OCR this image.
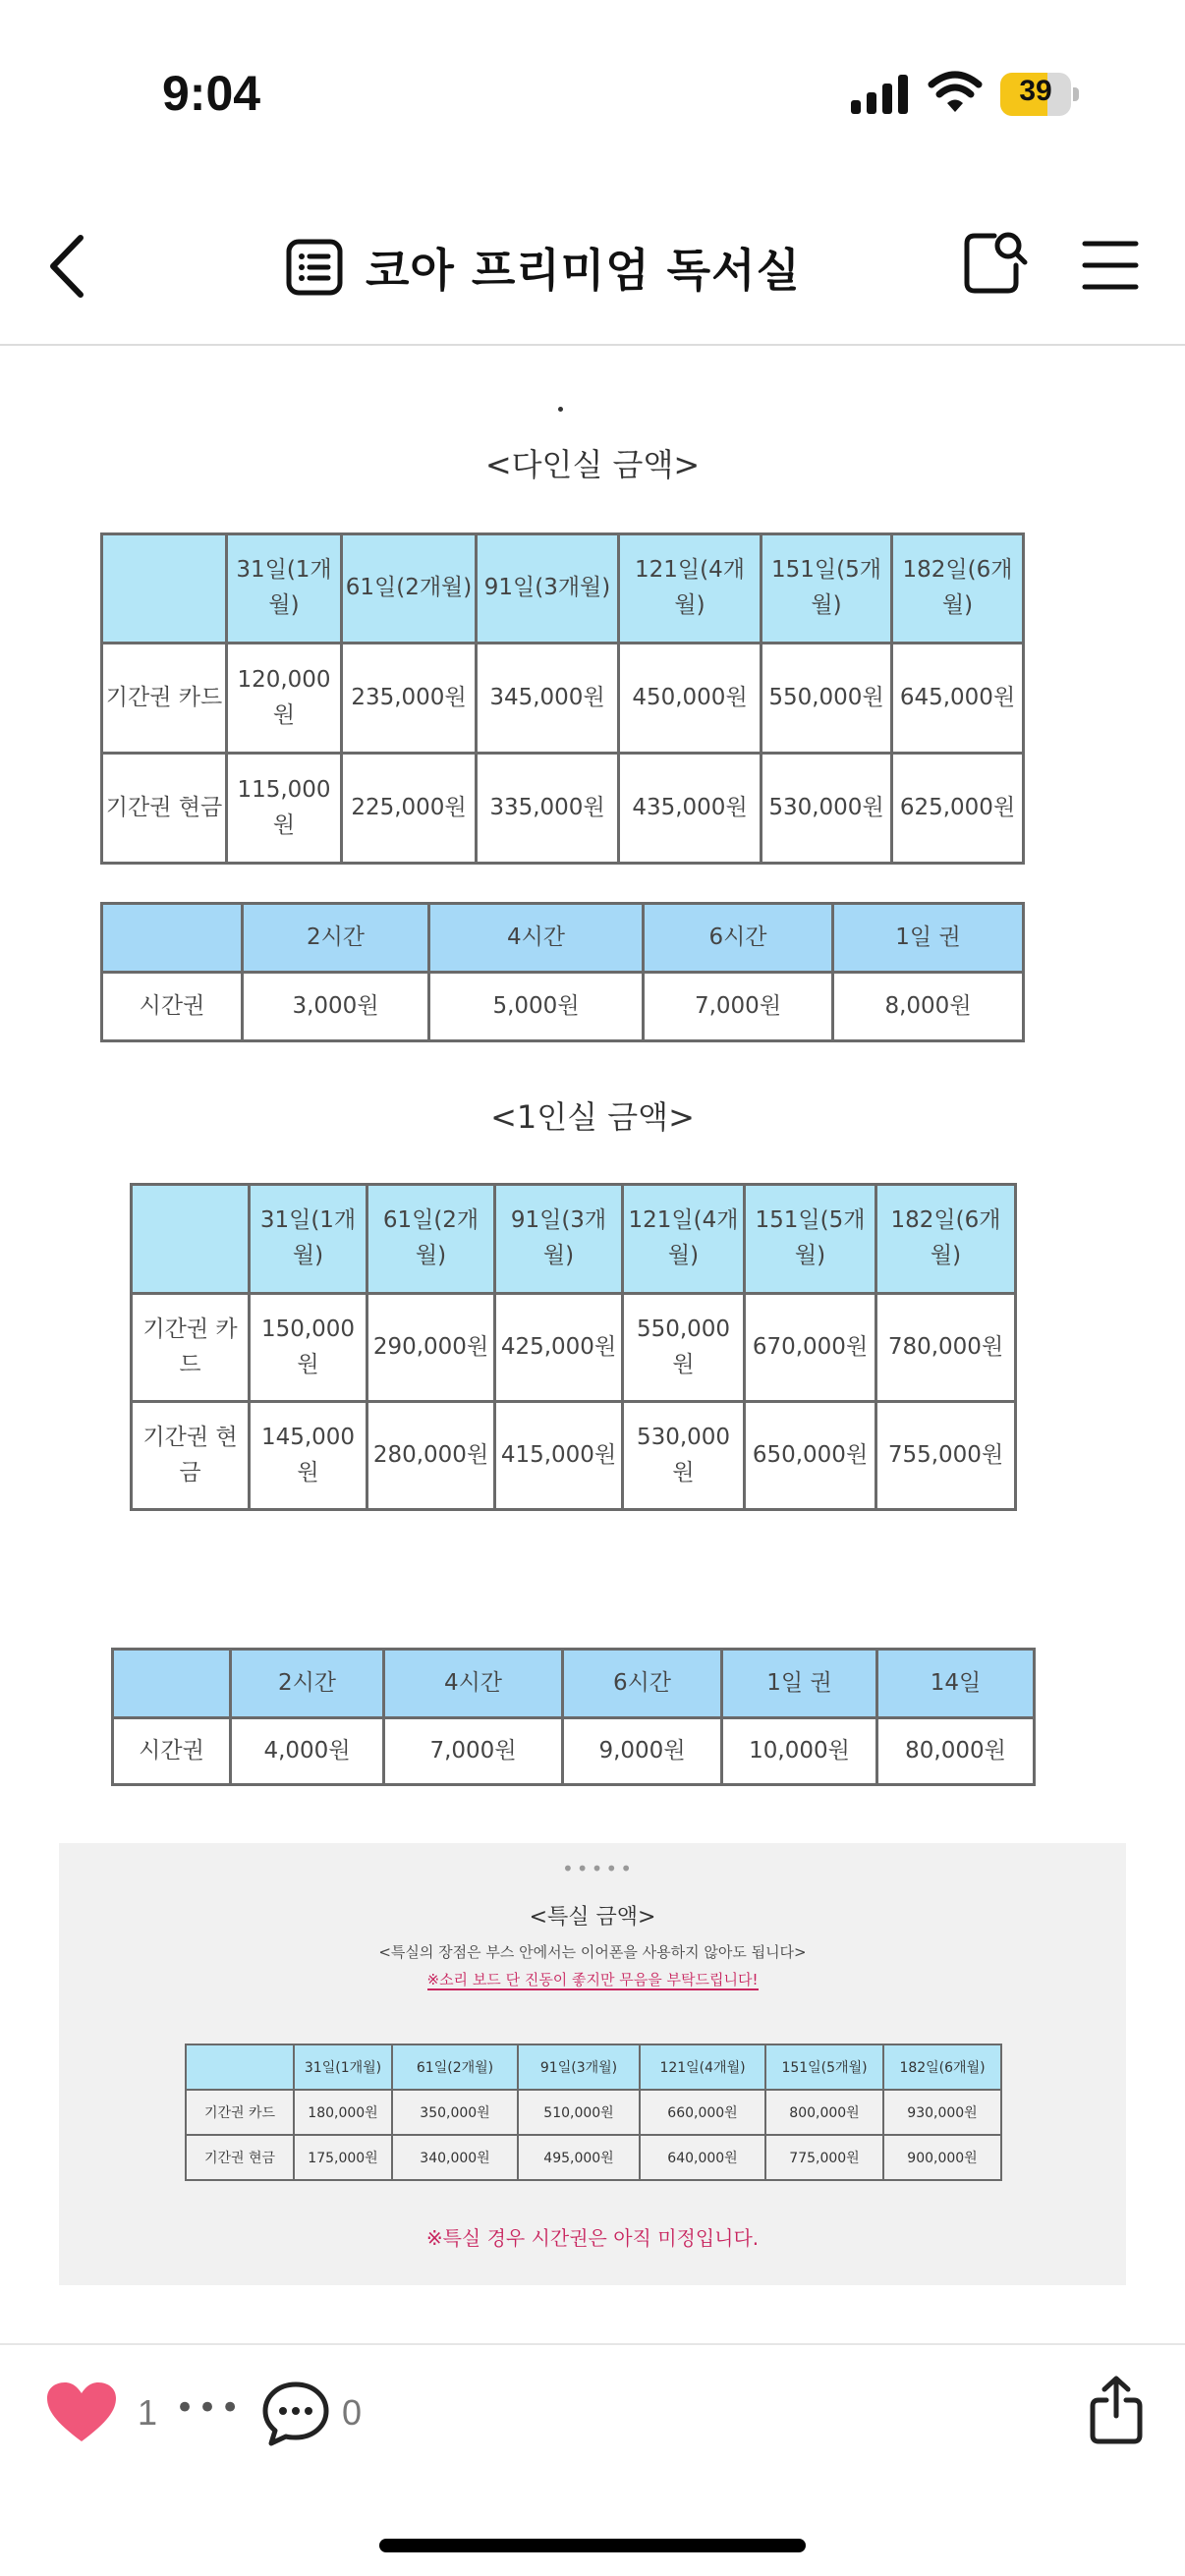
9:04	39
코아 프리미엄 독서실
<다인실 금액>
	31일(1개월)	61일(2개월)	91일(3개월)	121일(4개월)	151일(5개월)	182일(6개월)
기간권 카드	120,000원	235,000원	345,000원	450,000원	550,000원	645,000원
기간권 현금	115,000원	225,000원	335,000원	435,000원	530,000원	625,000원
	2시간	4시간	6시간	1일 권
시간권	3,000원	5,000원	7,000원	8,000원
<1인실 금액>
	31일(1개월)	61일(2개월)	91일(3개월)	121일(4개월)	151일(5개월)	182일(6개월)
기간권 카드	150,000원	290,000원	425,000원	550,000원	670,000원	780,000원
기간권 현금	145,000원	280,000원	415,000원	530,000원	650,000원	755,000원
	2시간	4시간	6시간	1일 권	14일
시간권	4,000원	7,000원	9,000원	10,000원	80,000원
•••••
<특실 금액>
<특실의 장점은 부스 안에서는 이어폰을 사용하지 않아도 됩니다>
※소리 보드 단 진동이 좋지만 무음을 부탁드립니다!
	31일(1개월)	61일(2개월)	91일(3개월)	121일(4개월)	151일(5개월)	182일(6개월)
기간권 카드	180,000원	350,000원	510,000원	660,000원	800,000원	930,000원
기간권 현금	175,000원	340,000원	495,000원	640,000원	775,000원	900,000원
※특실 경우 시간권은 아직 미정입니다.
1 •••	0
